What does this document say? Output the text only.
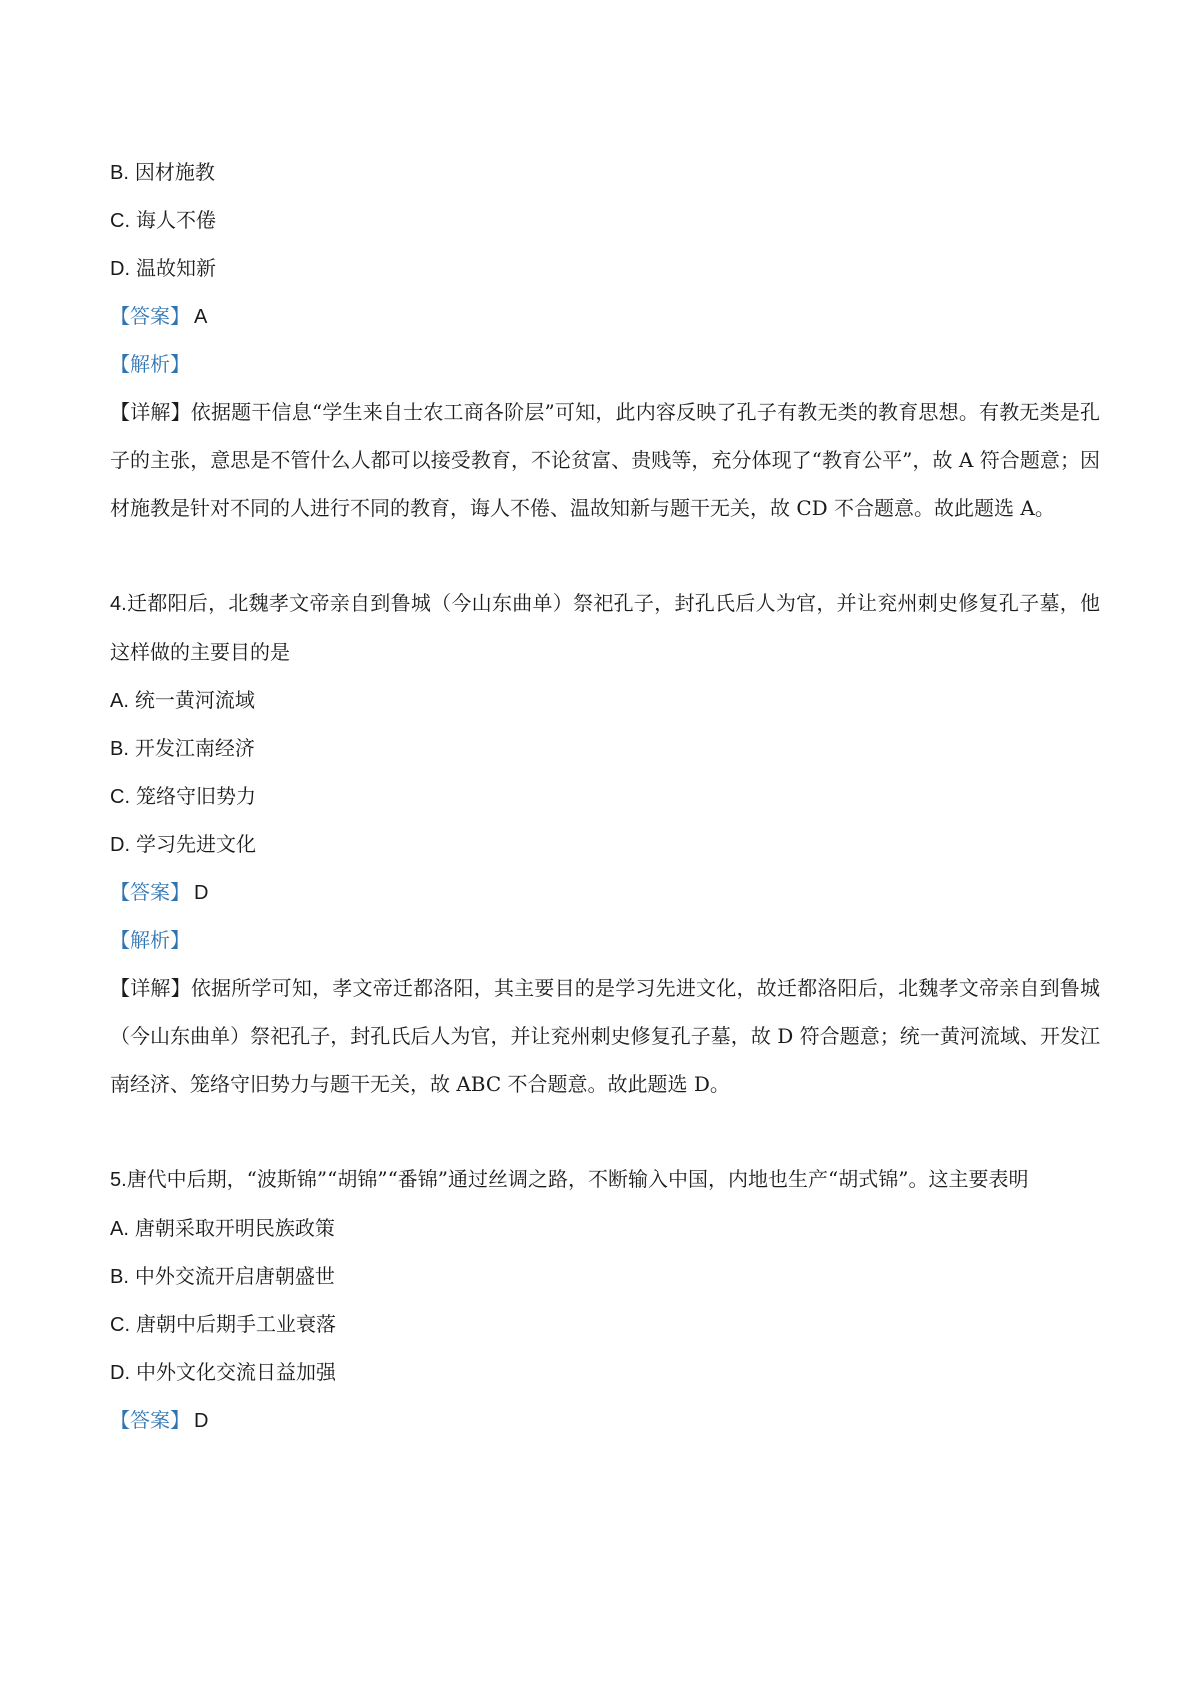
B. 因材施教
C. 诲人不倦
D. 温故知新
【答案】 A
【解析】

【详解】依据题干信息“学生来自士农工商各阶层”可知，此内容反映了孔子有教无类的教育思想。有教无类是孔子的主张，意思是不管什么人都可以接受教育，不论贫富、贵贱等，充分体现了“教育公平”，故 A 符合题意；因材施教是针对不同的人进行不同的教育，诲人不倦、温故知新与题干无关，故 CD 不合题意。故此题选 A。

4.迁都阳后，北魏孝文帝亲自到鲁城（今山东曲单）祭祀孔子，封孔氏后人为官，并让兖州刺史修复孔子墓，他这样做的主要目的是

A. 统一黄河流域
B. 开发江南经济
C. 笼络守旧势力
D. 学习先进文化
【答案】 D
【解析】

【详解】依据所学可知，孝文帝迁都洛阳，其主要目的是学习先进文化，故迁都洛阳后，北魏孝文帝亲自到鲁城（今山东曲单）祭祀孔子，封孔氏后人为官，并让兖州刺史修复孔子墓，故 D 符合题意；统一黄河流域、开发江南经济、笼络守旧势力与题干无关，故 ABC 不合题意。故此题选 D。

5.唐代中后期，“波斯锦”“胡锦”“番锦”通过丝调之路，不断输入中国，内地也生产“胡式锦”。这主要表明

A. 唐朝采取开明民族政策
B. 中外交流开启唐朝盛世
C. 唐朝中后期手工业衰落
D. 中外文化交流日益加强
【答案】 D
